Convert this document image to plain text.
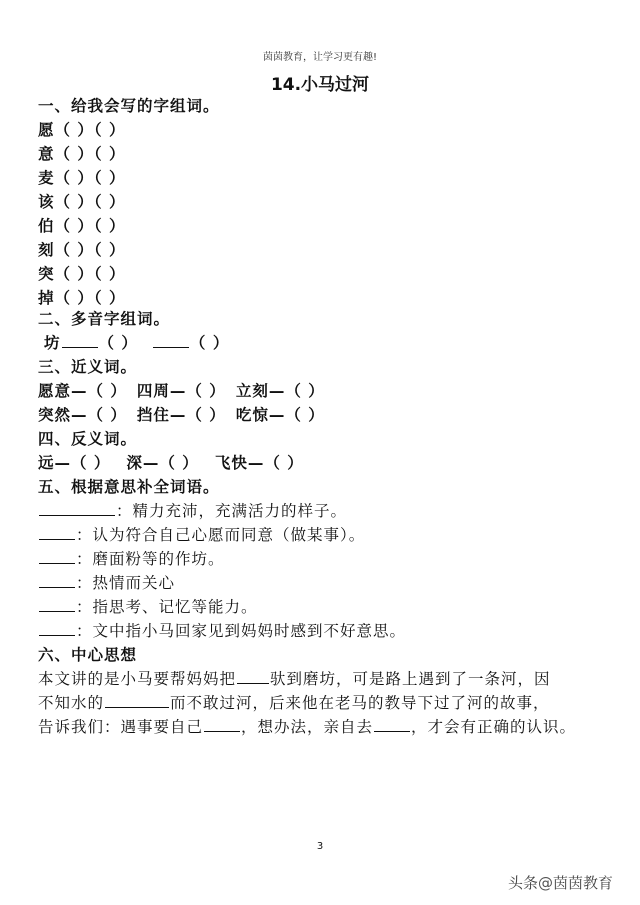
茵茵教育，让学习更有趣!
14.小马过河
一、给我会写的字组词。
愿（ ）（ ）
意（ ）（ ）
麦（ ）（ ）
该（ ）（ ）
伯（ ）（ ）
刻（ ）（ ）
突（ ）（ ）
掉（ ）（ ）
二、多音字组词。
坊 （ ）	（ ）
三、近义词。
愿意—（ ） 四周—（ ） 立刻—（ ）
突然—（ ） 挡住—（ ） 吃惊—（ ）
四、反义词。
远—（ ） 深—（ ） 飞快—（ ）
五、根据意思补全词语。
：精力充沛，充满活力的样子。
：认为符合自己心愿而同意（做某事）。
：磨面粉等的作坊。
：热情而关心
：指思考、记忆等能力。
：文中指小马回家见到妈妈时感到不好意思。
六、中心思想
本文讲的是小马要帮妈妈把 驮到磨坊，可是路上遇到了一条河，因
不知水的	而不敢过河，后来他在老马的教导下过了河的故事，
告诉我们：遇事要自己 ，想办法，亲自去 ，才会有正确的认识。
3
头条@茵茵教育
